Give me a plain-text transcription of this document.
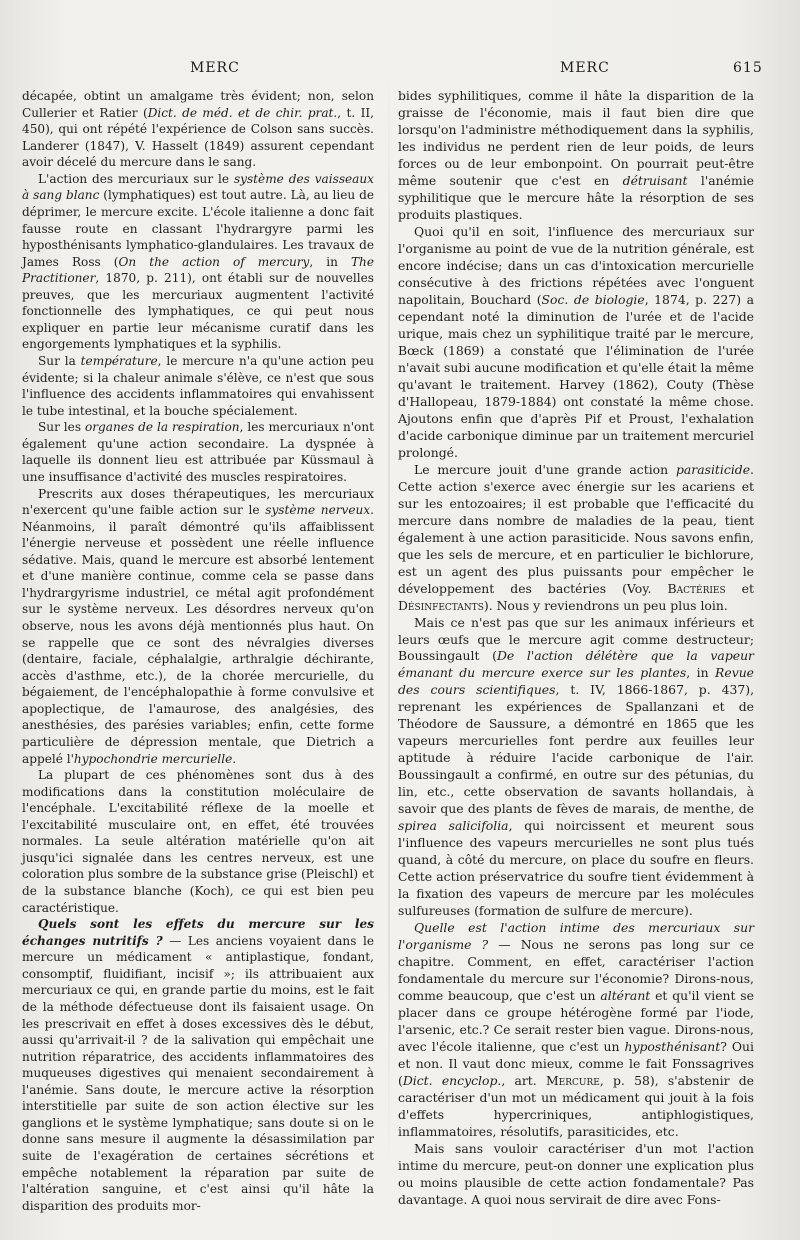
MERC	MERC	615

décapée, obtint un amalgame très évident; non, selon Cullerier et Ratier (Dict. de méd. et de chir. prat., t. II, 450), qui ont répété l'expérience de Colson sans succès. Landerer (1847), V. Hasselt (1849) assurent cependant avoir décelé du mercure dans le sang.

L'action des mercuriaux sur le système des vaisseaux à sang blanc (lymphatiques) est tout autre. Là, au lieu de déprimer, le mercure excite. L'école italienne a donc fait fausse route en classant l'hydrargyre parmi les hyposthénisants lymphatico-glandulaires. Les travaux de James Ross (On the action of mercury, in The Practitioner, 1870, p. 211), ont établi sur de nouvelles preuves, que les mercuriaux augmentent l'activité fonctionnelle des lymphatiques, ce qui peut nous expliquer en partie leur mécanisme curatif dans les engorgements lymphatiques et la syphilis.

Sur la température, le mercure n'a qu'une action peu évidente; si la chaleur animale s'élève, ce n'est que sous l'influence des accidents inflammatoires qui envahissent le tube intestinal, et la bouche spécialement.

Sur les organes de la respiration, les mercuriaux n'ont également qu'une action secondaire. La dyspnée à laquelle ils donnent lieu est attribuée par Küssmaul à une insuffisance d'activité des muscles respiratoires.

Prescrits aux doses thérapeutiques, les mercuriaux n'exercent qu'une faible action sur le système nerveux. Néanmoins, il paraît démontré qu'ils affaiblissent l'énergie nerveuse et possèdent une réelle influence sédative. Mais, quand le mercure est absorbé lentement et d'une manière continue, comme cela se passe dans l'hydrargyrisme industriel, ce métal agit profondément sur le système nerveux. Les désordres nerveux qu'on observe, nous les avons déjà mentionnés plus haut. On se rappelle que ce sont des névralgies diverses (dentaire, faciale, céphalalgie, arthralgie déchirante, accès d'asthme, etc.), de la chorée mercurielle, du bégaiement, de l'encéphalopathie à forme convulsive et apoplectique, de l'amaurose, des analgésies, des anesthésies, des parésies variables; enfin, cette forme particulière de dépression mentale, que Dietrich a appelé l'hypochondrie mercurielle.

La plupart de ces phénomènes sont dus à des modifications dans la constitution moléculaire de l'encéphale. L'excitabilité réflexe de la moelle et l'excitabilité musculaire ont, en effet, été trouvées normales. La seule altération matérielle qu'on ait jusqu'ici signalée dans les centres nerveux, est une coloration plus sombre de la substance grise (Pleischl) et de la substance blanche (Koch), ce qui est bien peu caractéristique.

Quels sont les effets du mercure sur les échanges nutritifs ? — Les anciens voyaient dans le mercure un médicament « antiplastique, fondant, consomptif, fluidifiant, incisif »; ils attribuaient aux mercuriaux ce qui, en grande partie du moins, est le fait de la méthode défectueuse dont ils faisaient usage. On les prescrivait en effet à doses excessives dès le début, aussi qu'arrivait-il ? de la salivation qui empêchait une nutrition réparatrice, des accidents inflammatoires des muqueuses digestives qui menaient secondairement à l'anémie. Sans doute, le mercure active la résorption interstitielle par suite de son action élective sur les ganglions et le système lymphatique; sans doute si on le donne sans mesure il augmente la désassimilation par suite de l'exagération de certaines sécrétions et empêche notablement la réparation par suite de l'altération sanguine, et c'est ainsi qu'il hâte la disparition des produits mor-

bides syphilitiques, comme il hâte la disparition de la graisse de l'économie, mais il faut bien dire que lorsqu'on l'administre méthodiquement dans la syphilis, les individus ne perdent rien de leur poids, de leurs forces ou de leur embonpoint. On pourrait peut-être même soutenir que c'est en détruisant l'anémie syphilitique que le mercure hâte la résorption de ses produits plastiques.

Quoi qu'il en soit, l'influence des mercuriaux sur l'organisme au point de vue de la nutrition générale, est encore indécise; dans un cas d'intoxication mercurielle consécutive à des frictions répétées avec l'onguent napolitain, Bouchard (Soc. de biologie, 1874, p. 227) a cependant noté la diminution de l'urée et de l'acide urique, mais chez un syphilitique traité par le mercure, Bœck (1869) a constaté que l'élimination de l'urée n'avait subi aucune modification et qu'elle était la même qu'avant le traitement. Harvey (1862), Couty (Thèse d'Hallopeau, 1879-1884) ont constaté la même chose. Ajoutons enfin que d'après Pif et Proust, l'exhalation d'acide carbonique diminue par un traitement mercuriel prolongé.

Le mercure jouit d'une grande action parasiticide. Cette action s'exerce avec énergie sur les acariens et sur les entozoaires; il est probable que l'efficacité du mercure dans nombre de maladies de la peau, tient également à une action parasiticide. Nous savons enfin, que les sels de mercure, et en particulier le bichlorure, est un agent des plus puissants pour empêcher le développement des bactéries (Voy. Bactéries et Désinfectants). Nous y reviendrons un peu plus loin.

Mais ce n'est pas que sur les animaux inférieurs et leurs œufs que le mercure agit comme destructeur; Boussingault (De l'action délétère que la vapeur émanant du mercure exerce sur les plantes, in Revue des cours scientifiques, t. IV, 1866-1867, p. 437), reprenant les expériences de Spallanzani et de Théodore de Saussure, a démontré en 1865 que les vapeurs mercurielles font perdre aux feuilles leur aptitude à réduire l'acide carbonique de l'air. Boussingault a confirmé, en outre sur des pétunias, du lin, etc., cette observation de savants hollandais, à savoir que des plants de fèves de marais, de menthe, de spirea salicifolia, qui noircissent et meurent sous l'influence des vapeurs mercurielles ne sont plus tués quand, à côté du mercure, on place du soufre en fleurs. Cette action préservatrice du soufre tient évidemment à la fixation des vapeurs de mercure par les molécules sulfureuses (formation de sulfure de mercure).

Quelle est l'action intime des mercuriaux sur l'organisme ? — Nous ne serons pas long sur ce chapitre. Comment, en effet, caractériser l'action fondamentale du mercure sur l'économie? Dirons-nous, comme beaucoup, que c'est un altérant et qu'il vient se placer dans ce groupe hétérogène formé par l'iode, l'arsenic, etc.? Ce serait rester bien vague. Dirons-nous, avec l'école italienne, que c'est un hyposthénisant? Oui et non. Il vaut donc mieux, comme le fait Fonssagrives (Dict. encyclop., art. Mercure, p. 58), s'abstenir de caractériser d'un mot un médicament qui jouit à la fois d'effets hypercriniques, antiphlogistiques, inflammatoires, résolutifs, parasiticides, etc.

Mais sans vouloir caractériser d'un mot l'action intime du mercure, peut-on donner une explication plus ou moins plausible de cette action fondamentale? Pas davantage. A quoi nous servirait de dire avec Fons-
